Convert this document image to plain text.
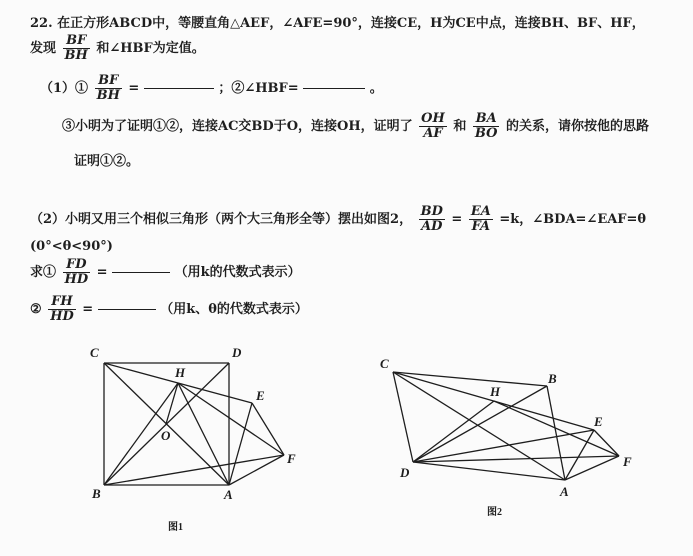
22. 在正方形ABCD中，等腰直角△AEF，∠AFE=90°，连接CE，H为CE中点，连接BH、BF、HF，
发现 $\frac{BF}{BH}$ 和∠HBF为定值。
（1）① $\frac{BF}{BH}$ =	；②∠HBF=	。
③小明为了证明①②，连接AC交BD于O，连接OH，证明了 $\frac{OH}{AF}$ 和 $\frac{BA}{BO}$ 的关系，请你按他的思路
证明①②。
（2）小明又用三个相似三角形（两个大三角形全等）摆出如图2， $\frac{BD}{AD} = \frac{EA}{FA} =k$，∠BDA=∠EAF=θ
(0°<θ<90°)
求① $\frac{FD}{HD}$ =	（用k的代数式表示）
② $\frac{FH}{HD}$ =	（用k、θ的代数式表示）
C	D
H
E
O
F
B	A
图1
C
B
H
E
D
F
A
图2
